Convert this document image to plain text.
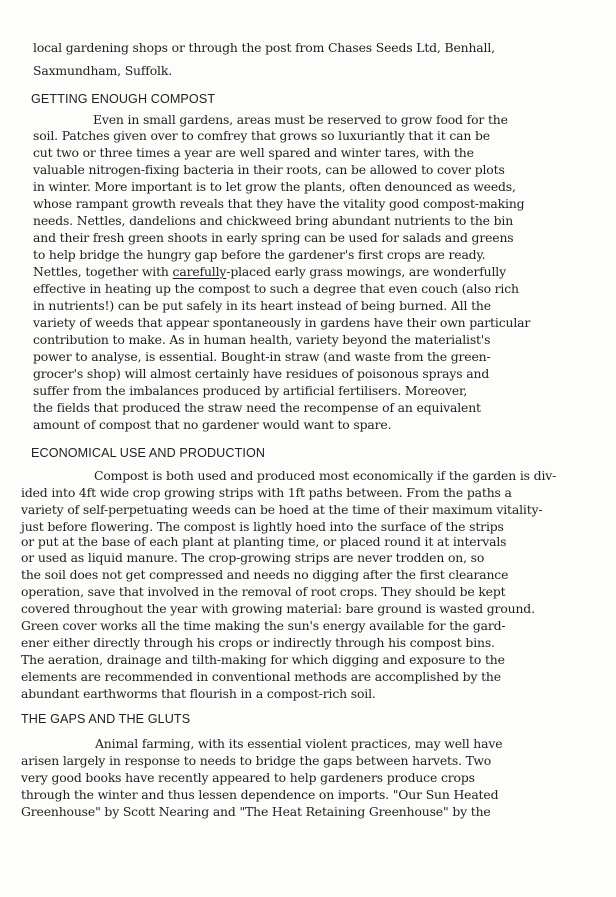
local gardening shops or through the post from Chases Seeds Ltd, Benhall,
Saxmundham, Suffolk.
GETTING ENOUGH COMPOST
Even in small gardens, areas must be reserved to grow food for the
soil. Patches given over to comfrey that grows so luxuriantly that it can be
cut two or three times a year are well spared and winter tares, with the
valuable nitrogen-fixing bacteria in their roots, can be allowed to cover plots
in winter. More important is to let grow the plants, often denounced as weeds,
whose rampant growth reveals that they have the vitality good compost-making
needs. Nettles, dandelions and chickweed bring abundant nutrients to the bin
and their fresh green shoots in early spring can be used for salads and greens
to help bridge the hungry gap before the gardener's first crops are ready.
Nettles, together with carefully-placed early grass mowings, are wonderfully
effective in heating up the compost to such a degree that even couch (also rich
in nutrients!) can be put safely in its heart instead of being burned. All the
variety of weeds that appear spontaneously in gardens have their own particular
contribution to make. As in human health, variety beyond the materialist's
power to analyse, is essential. Bought-in straw (and waste from the green-
grocer's shop) will almost certainly have residues of poisonous sprays and
suffer from the imbalances produced by artificial fertilisers. Moreover,
the fields that produced the straw need the recompense of an equivalent
amount of compost that no gardener would want to spare.
ECONOMICAL USE AND PRODUCTION
Compost is both used and produced most economically if the garden is div-
ided into 4ft wide crop growing strips with 1ft paths between. From the paths a
variety of self-perpetuating weeds can be hoed at the time of their maximum vitality-
just before flowering. The compost is lightly hoed into the surface of the strips
or put at the base of each plant at planting time, or placed round it at intervals
or used as liquid manure. The crop-growing strips are never trodden on, so
the soil does not get compressed and needs no digging after the first clearance
operation, save that involved in the removal of root crops. They should be kept
covered throughout the year with growing material: bare ground is wasted ground.
Green cover works all the time making the sun's energy available for the gard-
ener either directly through his crops or indirectly through his compost bins.
The aeration, drainage and tilth-making for which digging and exposure to the
elements are recommended in conventional methods are accomplished by the
abundant earthworms that flourish in a compost-rich soil.
THE GAPS AND THE GLUTS
Animal farming, with its essential violent practices, may well have
arisen largely in response to needs to bridge the gaps between harvets. Two
very good books have recently appeared to help gardeners produce crops
through the winter and thus lessen dependence on imports. "Our Sun Heated
Greenhouse" by Scott Nearing and "The Heat Retaining Greenhouse" by the
